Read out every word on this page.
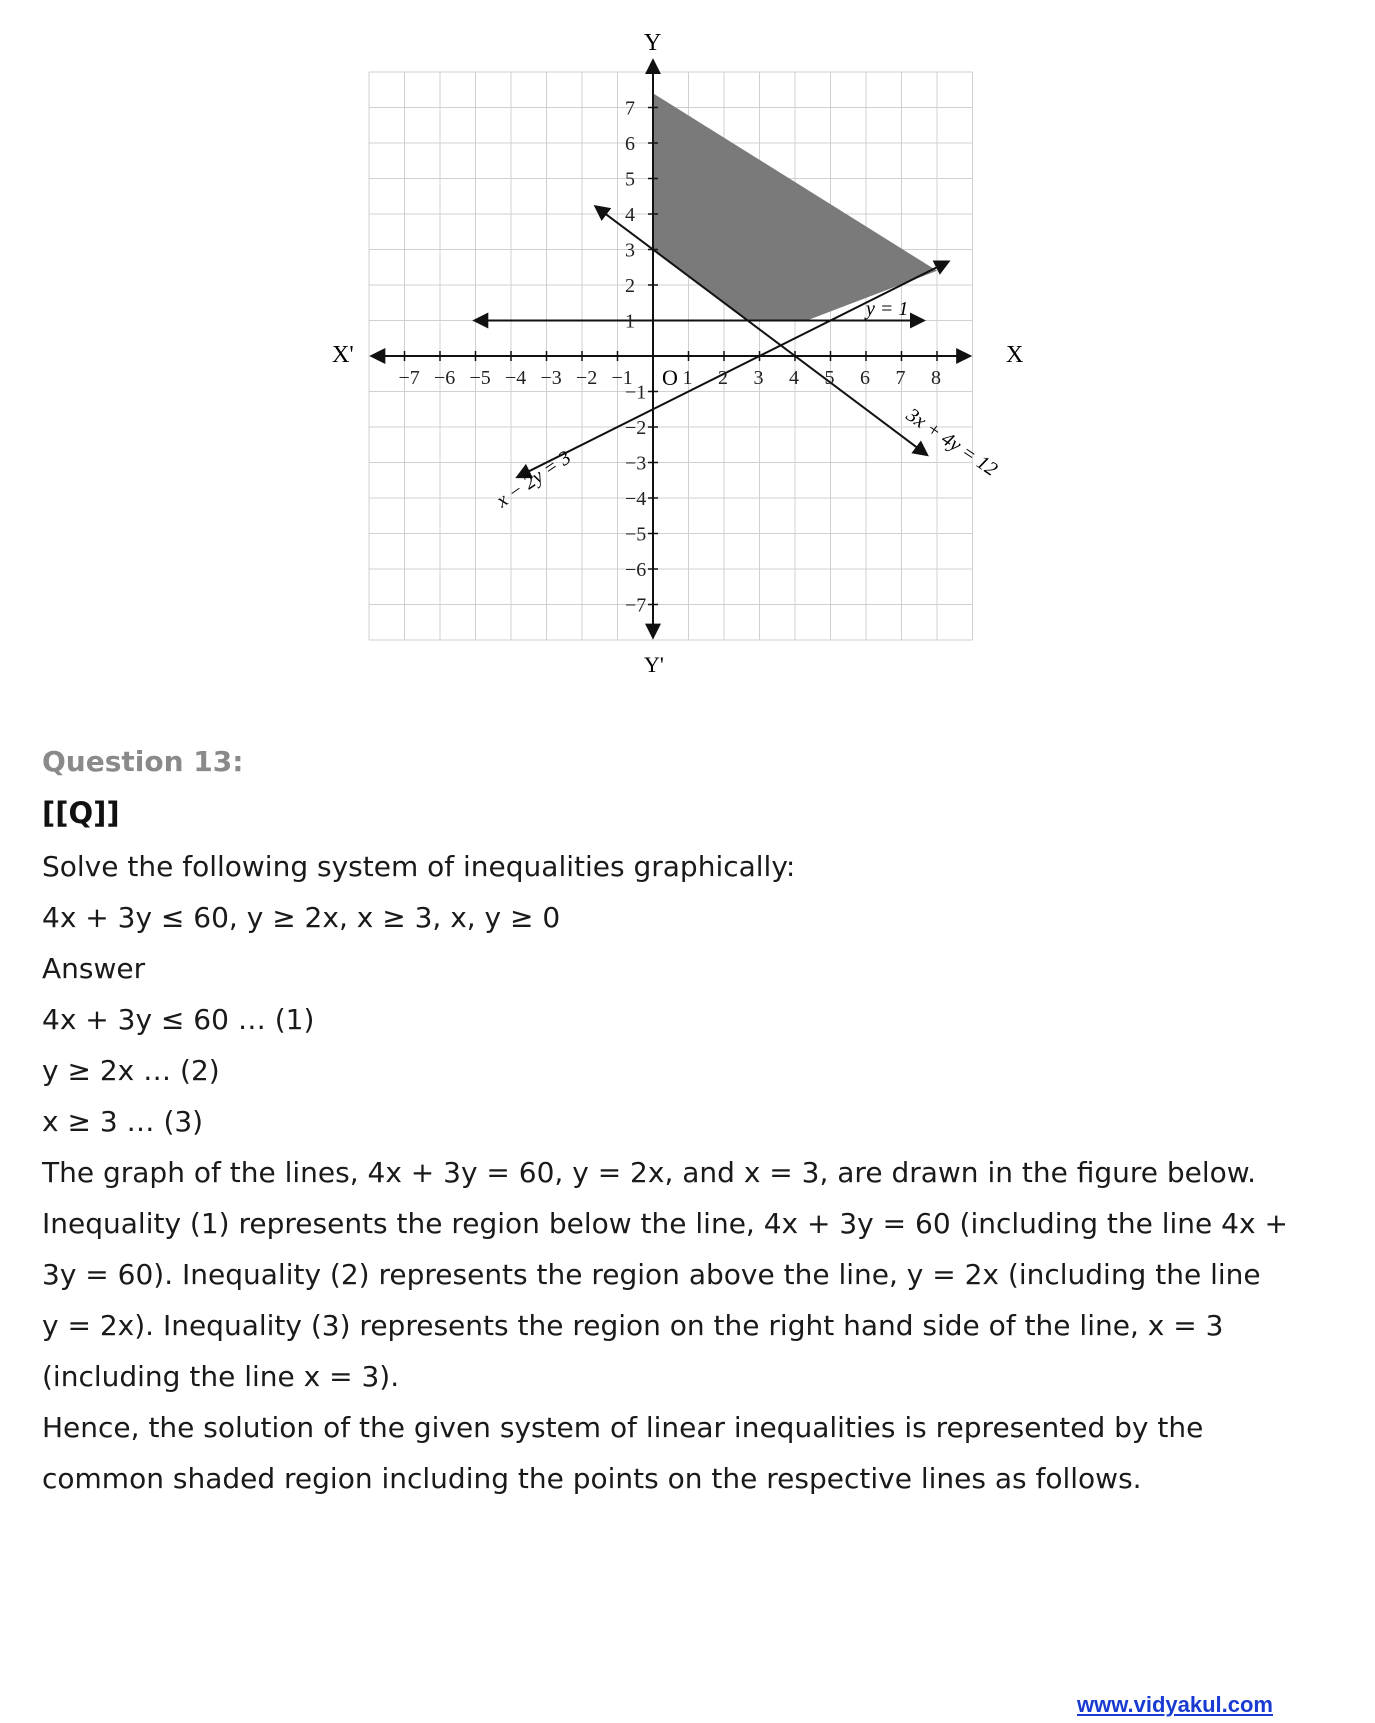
−7 −6 −5 −4 −3 −2 −1 1 2 3 4 5 6 7 8
7
6
5
4
3
2
1
−1
−2
−3
−4
−5
−6
−7
X
X'
Y
Y'
O
y = 1
3x + 4y = 12
x − 2y = 3
Question 13:
[[Q]]
Solve the following system of inequalities graphically:
4x + 3y ≤ 60, y ≥ 2x, x ≥ 3, x, y ≥ 0
Answer
4x + 3y ≤ 60 … (1)
y ≥ 2x … (2)
x ≥ 3 … (3)
The graph of the lines, 4x + 3y = 60, y = 2x, and x = 3, are drawn in the figure below.
Inequality (1) represents the region below the line, 4x + 3y = 60 (including the line 4x +
3y = 60). Inequality (2) represents the region above the line, y = 2x (including the line
y = 2x). Inequality (3) represents the region on the right hand side of the line, x = 3
(including the line x = 3).
Hence, the solution of the given system of linear inequalities is represented by the
common shaded region including the points on the respective lines as follows.
www.vidyakul.com
